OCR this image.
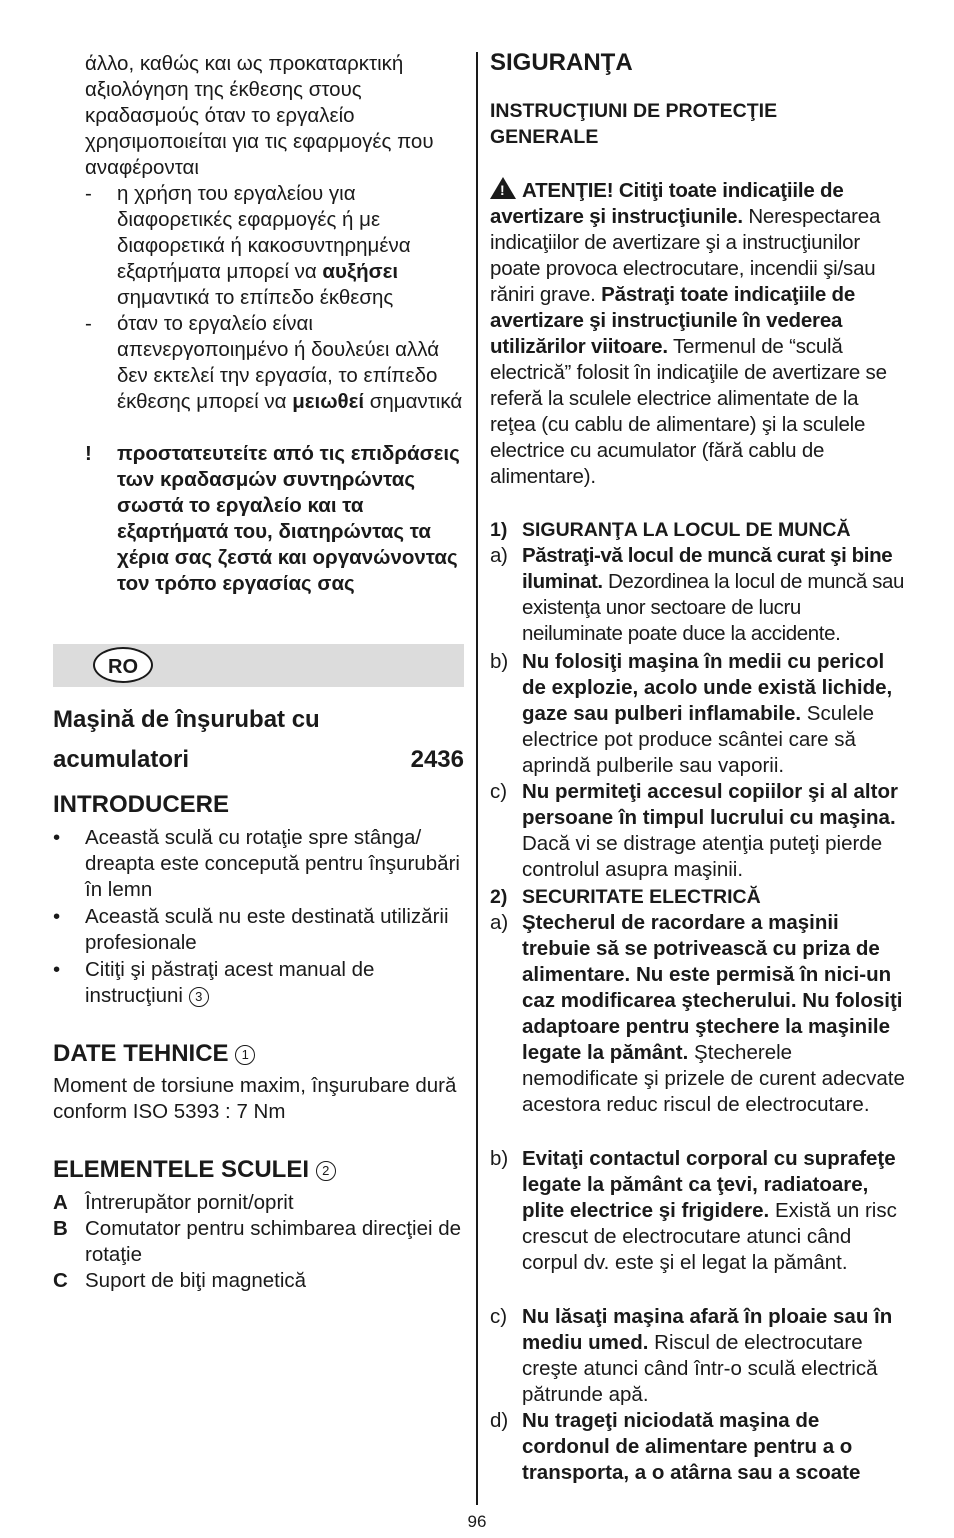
άλλο, καθώς και ως προκαταρκτική αξιολόγηση της έκθεσης στους κραδασμούς όταν το εργαλείο χρησιμοποιείται για τις εφαρμογές που αναφέρονται

- η χρήση του εργαλείου για διαφορετικές εφαρμογές ή με διαφορετικά ή κακοσυντηρημένα εξαρτήματα μπορεί να αυξήσει σημαντικά το επίπεδο έκθεσης
- όταν το εργαλείο είναι απενεργοποιημένο ή δουλεύει αλλά δεν εκτελεί την εργασία, το επίπεδο έκθεσης μπορεί να μειωθεί σημαντικά
! προστατευτείτε από τις επιδράσεις των κραδασμών συντηρώντας σωστά το εργαλείο και τα εξαρτήματά του, διατηρώντας τα χέρια σας ζεστά και οργανώνοντας τον τρόπο εργασίας σας
RO

Maşină de înşurubat cu

acumulatori	2436

INTRODUCERE

• Această sculă cu rotaţie spre stânga/ dreapta este concepută pentru înşurubări în lemn
• Această sculă nu este destinată utilizării profesionale
• Citiţi şi păstraţi acest manual de instrucţiuni 3

DATE TEHNICE 1

Moment de torsiune maxim, înşurubare dură conform ISO 5393 : 7 Nm

ELEMENTELE SCULEI 2

A Întrerupător pornit/oprit
B Comutator pentru schimbarea direcţiei de rotaţie
C Suport de biţi magnetică

SIGURANŢA

INSTRUCŢIUNI DE PROTECŢIE GENERALE

! ATENŢIE! Citiţi toate indicaţiile de avertizare şi instrucţiunile. Nerespectarea indicaţiilor de avertizare şi a instrucţiunilor poate provoca electrocutare, incendii şi/sau răniri grave. Păstraţi toate indicaţiile de avertizare şi instrucţiunile în vederea utilizărilor viitoare. Termenul de “sculă electrică” folosit în indicaţiile de avertizare se referă la sculele electrice alimentate de la reţea (cu cablu de alimentare) şi la sculele electrice cu acumulator (fără cablu de alimentare).

1) SIGURANŢA LA LOCUL DE MUNCĂ
a) Păstraţi-vă locul de muncă curat şi bine iluminat. Dezordinea la locul de muncă sau existenţa unor sectoare de lucru neiluminate poate duce la accidente.
b) Nu folosiţi maşina în medii cu pericol de explozie, acolo unde există lichide, gaze sau pulberi inflamabile. Sculele electrice pot produce scântei care să aprindă pulberile sau vaporii.
c) Nu permiteţi accesul copiilor şi al altor persoane în timpul lucrului cu maşina. Dacă vi se distrage atenţia puteţi pierde controlul asupra maşinii.
2) SECURITATE ELECTRICĂ
a) Ştecherul de racordare a maşinii trebuie să se potrivească cu priza de alimentare. Nu este permisă în nici-un caz modificarea ştecherului. Nu folosiţi adaptoare pentru ştechere la maşinile legate la pământ. Ştecherele nemodificate şi prizele de curent adecvate acestora reduc riscul de electrocutare.
b) Evitaţi contactul corporal cu suprafeţe legate la pământ ca ţevi, radiatoare, plite electrice şi frigidere. Există un risc crescut de electrocutare atunci când corpul dv. este şi el legat la pământ.
c) Nu lăsaţi maşina afară în ploaie sau în mediu umed. Riscul de electrocutare creşte atunci când într-o sculă electrică pătrunde apă.
d) Nu trageţi niciodată maşina de cordonul de alimentare pentru a o transporta, a o atârna sau a scoate
96
